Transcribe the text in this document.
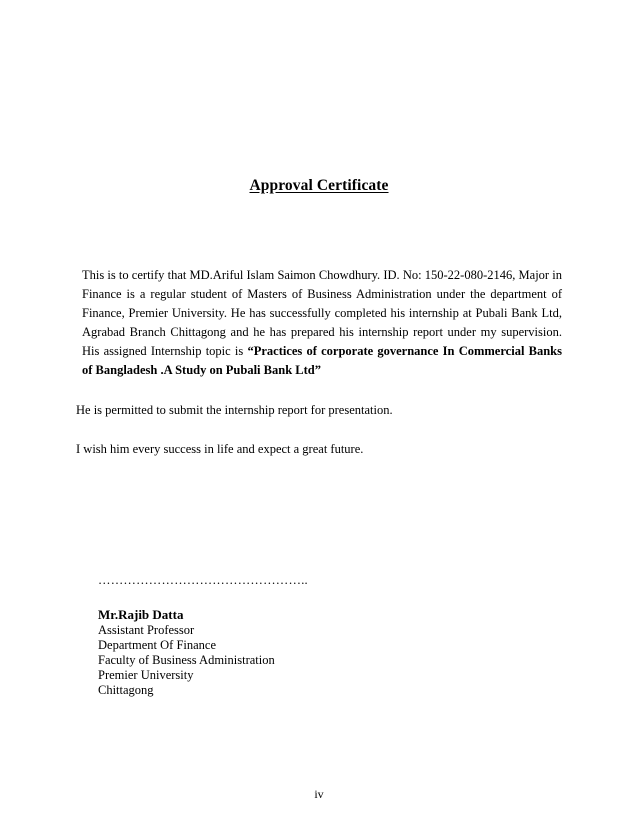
Approval Certificate
This is to certify that MD.Ariful Islam Saimon Chowdhury. ID. No: 150-22-080-2146, Major in Finance is a regular student of Masters of Business Administration under the department of Finance, Premier University. He has successfully completed his internship at Pubali Bank Ltd, Agrabad Branch Chittagong and he has prepared his internship report under my supervision. His assigned Internship topic is “Practices of corporate governance In Commercial Banks of Bangladesh .A Study on Pubali Bank Ltd”
He is permitted to submit the internship report for presentation.
I wish him every success in life and expect a great future.
…………………………………………..
Mr.Rajib Datta
Assistant Professor
Department Of Finance
Faculty of Business Administration
Premier University
Chittagong
iv
